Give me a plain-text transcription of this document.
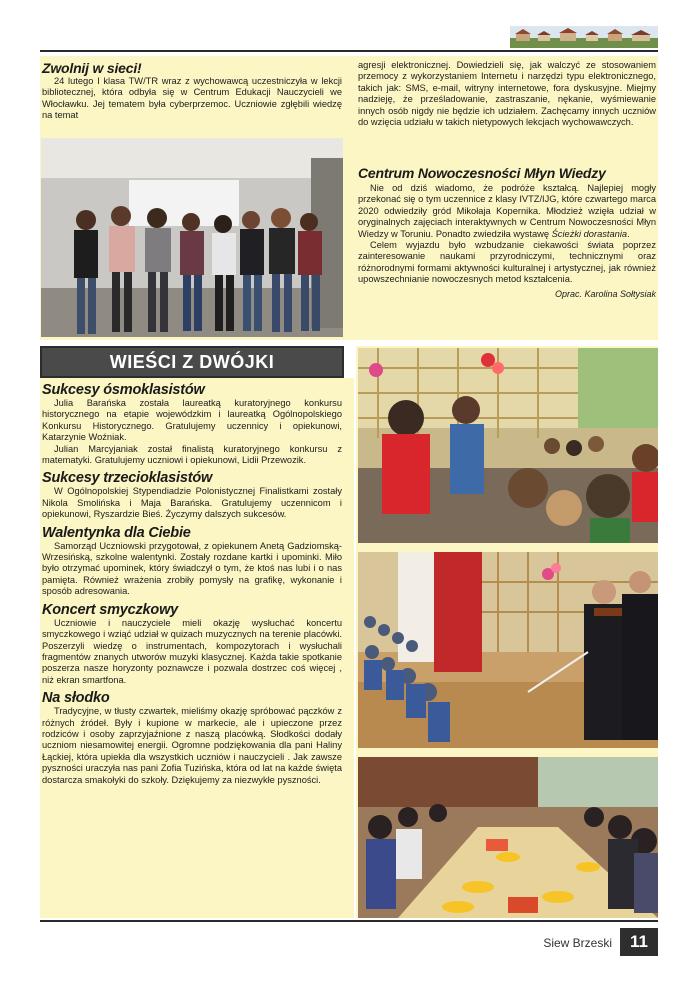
Zwolnij w sieci!

24 lutego I klasa TW/TR wraz z wychowawcą uczestniczyła w lekcji bibliotecznej, która odbyła się w Centrum Edukacji Nauczycieli we Włocławku. Jej tematem była cyberprzemoc. Uczniowie zgłębili wiedzę na temat

agresji elektronicznej. Dowiedzieli się, jak walczyć ze stosowaniem przemocy z wykorzystaniem Internetu i narzędzi typu elektronicznego, takich jak: SMS, e-mail, witryny internetowe, fora dyskusyjne. Miejmy nadzieję, że prześladowanie, zastraszanie, nękanie, wyśmiewanie innych osób nigdy nie będzie ich udziałem. Zachęcamy innych uczniów do wzięcia udziału w takich nietypowych lekcjach wychowawczych.

Centrum Nowoczesności Młyn Wiedzy

Nie od dziś wiadomo, że podróże kształcą. Najlepiej mogły przekonać się o tym uczennice z klasy IVTZ/IJG, które czwartego marca 2020 odwiedziły gród Mikołaja Kopernika. Młodzież wzięła udział w oryginalnych zajęciach interaktywnych w Centrum Nowoczesności Młyn Wiedzy w Toruniu. Ponadto zwiedziła wystawę Ścieżki dorastania.

Celem wyjazdu było wzbudzanie ciekawości świata poprzez zainteresowanie naukami przyrodniczymi, technicznymi oraz różnorodnymi formami aktywności kulturalnej i artystycznej, jak również upowszechnianie nowoczesnych metod kształcenia.

Oprac. Karolina Sołtysiak
WIEŚCI Z DWÓJKI
Sukcesy ósmoklasistów

Julia Barańska została laureatką kuratoryjnego konkursu historycznego na etapie wojewódzkim i laureatką Ogólnopolskiego Konkursu Historycznego. Gratulujemy uczennicy i opiekunowi, Katarzynie Woźniak.

Julian Marcyjaniak został finalistą kuratoryjnego konkursu z matematyki. Gratulujemy uczniowi i opiekunowi, Lidii Przewozik.

Sukcesy trzecioklasistów

W Ogólnopolskiej Stypendiadzie Polonistycznej Finalistkami zostały Nikola Smolińska i Maja Barańska. Gratulujemy uczennicom i opiekunowi, Ryszardzie Bieś. Życzymy dalszych sukcesów.

Walentynka dla Ciebie

Samorząd Uczniowski przygotował, z opiekunem Anetą Gadziomską-Wrzesińską, szkolne walentynki. Zostały rozdane kartki i upominki. Miło było otrzymać upominek, który świadczył o tym, że ktoś nas lubi i o nas pamięta. Również wrażenia zrobiły pomysły na grafikę, wykonanie i sposób adresowania.

Koncert smyczkowy

Uczniowie i nauczyciele mieli okazję wysłuchać koncertu smyczkowego i wziąć udział w quizach muzycznych na terenie placówki. Poszerzyli wiedzę o instrumentach, kompozytorach i wysłuchali fragmentów znanych utworów muzyki klasycznej. Każda takie spotkanie poszerza nasze horyzonty poznawcze i pozwala dostrzec coś więcej , niż ekran smartfona.

Na słodko

Tradycyjne, w tłusty czwartek, mieliśmy okazję spróbować pączków z różnych źródeł. Były i kupione w markecie, ale i upieczone przez rodziców i osoby zaprzyjaźnione z naszą placówką. Słodkości dodały uczniom niesamowitej energii. Ogromne podziękowania dla pani Haliny Łąckiej, która upiekła dla wszystkich uczniów i nauczycieli . Jak zawsze pyszności uraczyła nas pani Zofia Tuzińska, która od lat na każde święta dostarcza smakołyki do szkoły. Dziękujemy za niezwykłe pyszności.

Siew Brzeski	11
